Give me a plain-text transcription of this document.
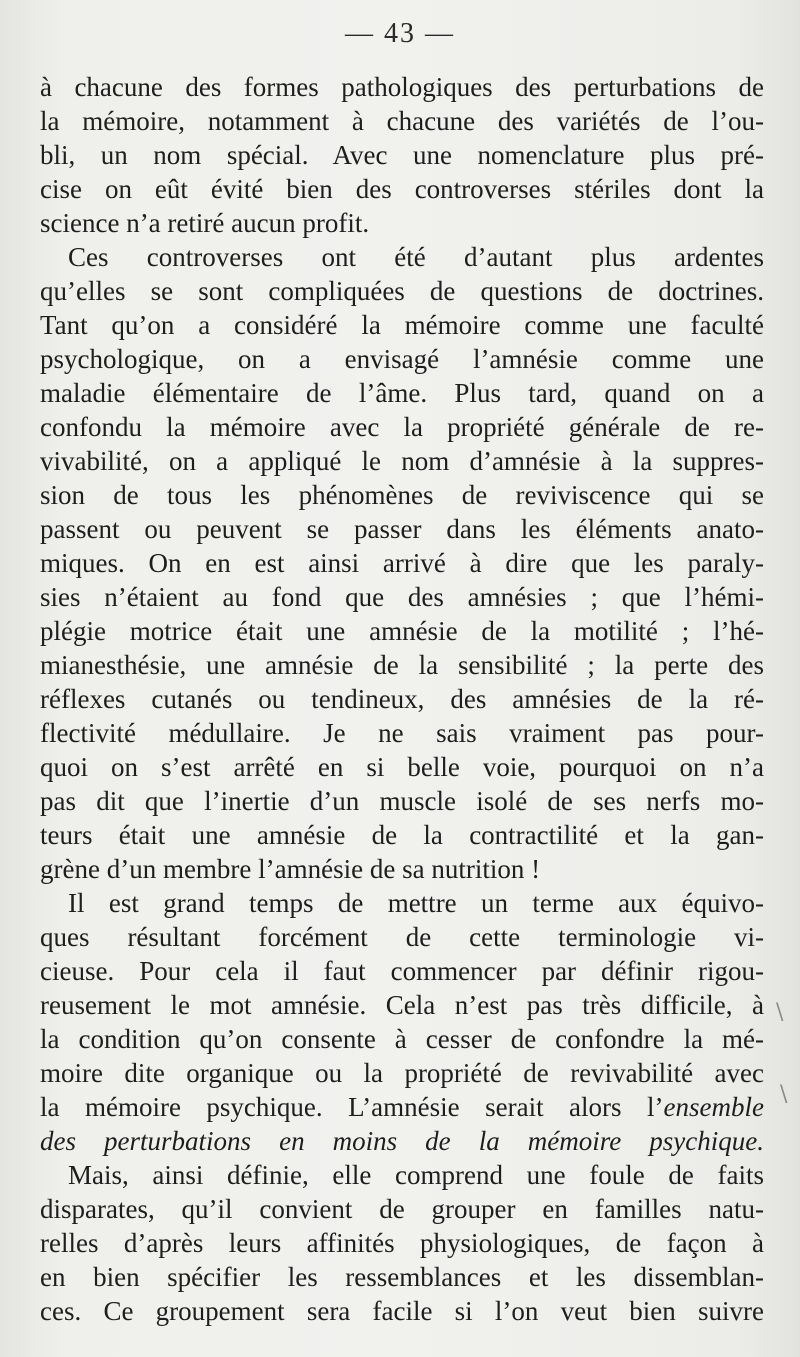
— 43 —
à chacune des formes pathologiques des perturbations de
la mémoire, notamment à chacune des variétés de l’ou-
bli, un nom spécial. Avec une nomenclature plus pré-
cise on eût évité bien des controverses stériles dont la
science n’a retiré aucun profit.
Ces controverses ont été d’autant plus ardentes
qu’elles se sont compliquées de questions de doctrines.
Tant qu’on a considéré la mémoire comme une faculté
psychologique, on a envisagé l’amnésie comme une
maladie élémentaire de l’âme. Plus tard, quand on a
confondu la mémoire avec la propriété générale de re-
vivabilité, on a appliqué le nom d’amnésie à la suppres-
sion de tous les phénomènes de reviviscence qui se
passent ou peuvent se passer dans les éléments anato-
miques. On en est ainsi arrivé à dire que les paraly-
sies n’étaient au fond que des amnésies ; que l’hémi-
plégie motrice était une amnésie de la motilité ; l’hé-
mianesthésie, une amnésie de la sensibilité ; la perte des
réflexes cutanés ou tendineux, des amnésies de la ré-
flectivité médullaire. Je ne sais vraiment pas pour-
quoi on s’est arrêté en si belle voie, pourquoi on n’a
pas dit que l’inertie d’un muscle isolé de ses nerfs mo-
teurs était une amnésie de la contractilité et la gan-
grène d’un membre l’amnésie de sa nutrition !
Il est grand temps de mettre un terme aux équivo-
ques résultant forcément de cette terminologie vi-
cieuse. Pour cela il faut commencer par définir rigou-
reusement le mot amnésie. Cela n’est pas très difficile, à
la condition qu’on consente à cesser de confondre la mé-
moire dite organique ou la propriété de revivabilité avec
la mémoire psychique. L’amnésie serait alors l’ensemble
des perturbations en moins de la mémoire psychique.
Mais, ainsi définie, elle comprend une foule de faits
disparates, qu’il convient de grouper en familles natu-
relles d’après leurs affinités physiologiques, de façon à
en bien spécifier les ressemblances et les dissemblan-
ces. Ce groupement sera facile si l’on veut bien suivre
\
\
